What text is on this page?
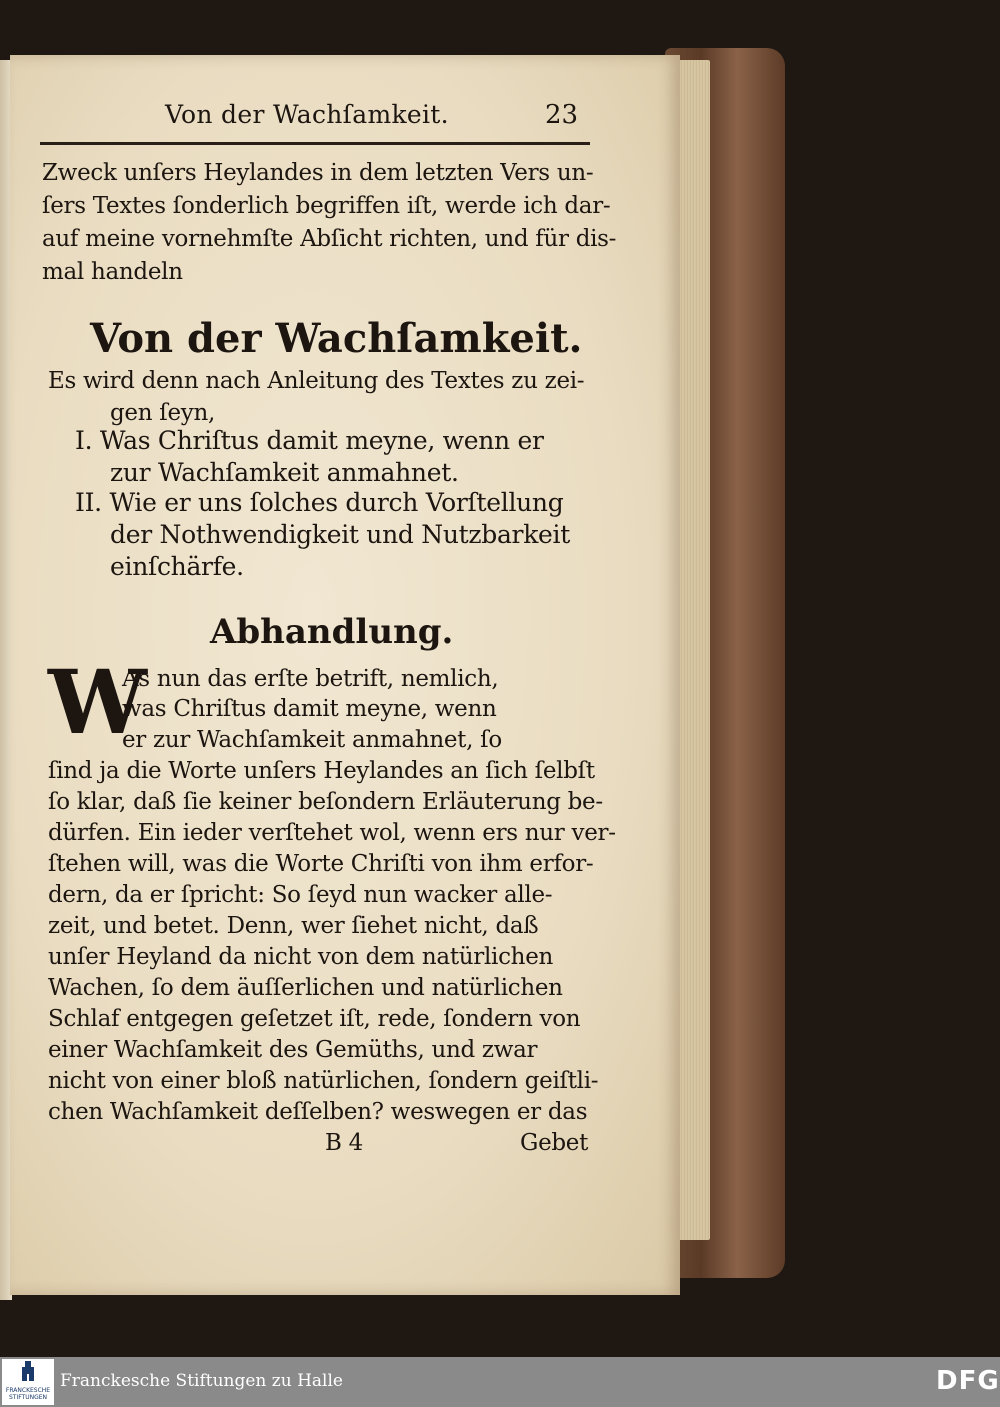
Von der Wachſamkeit.	23
Zweck unſers Heylandes in dem letzten Vers un-
ſers Textes ſonderlich begriffen iſt, werde ich dar-
auf meine vornehmſte Abſicht richten, und für dis-
mal handeln
Von der Wachſamkeit.
Es wird denn nach Anleitung des Textes zu zei-
gen ſeyn,
I. Was Chriſtus damit meyne, wenn er
zur Wachſamkeit anmahnet.
II. Wie er uns ſolches durch Vorſtellung
der Nothwendigkeit und Nutzbarkeit
einſchärfe.
Abhandlung.
W
As nun das erſte betrift, nemlich,
was Chriſtus damit meyne, wenn
er zur Wachſamkeit anmahnet, ſo
ſind ja die Worte unſers Heylandes an ſich ſelbſt
ſo klar, daß ſie keiner beſondern Erläuterung be-
dürfen. Ein ieder verſtehet wol, wenn ers nur ver-
ſtehen will, was die Worte Chriſti von ihm erfor-
dern, da er ſpricht: So ſeyd nun wacker alle-
zeit, und betet. Denn, wer ſiehet nicht, daß
unſer Heyland da nicht von dem natürlichen
Wachen, ſo dem äuſſerlichen und natürlichen
Schlaf entgegen geſetzet iſt, rede, ſondern von
einer Wachſamkeit des Gemüths, und zwar
nicht von einer bloß natürlichen, ſondern geiſtli-
chen Wachſamkeit deſſelben? weswegen er das
B 4	Gebet
FRANCKESCHE STIFTUNGEN
Franckesche Stiftungen zu Halle	DFG
